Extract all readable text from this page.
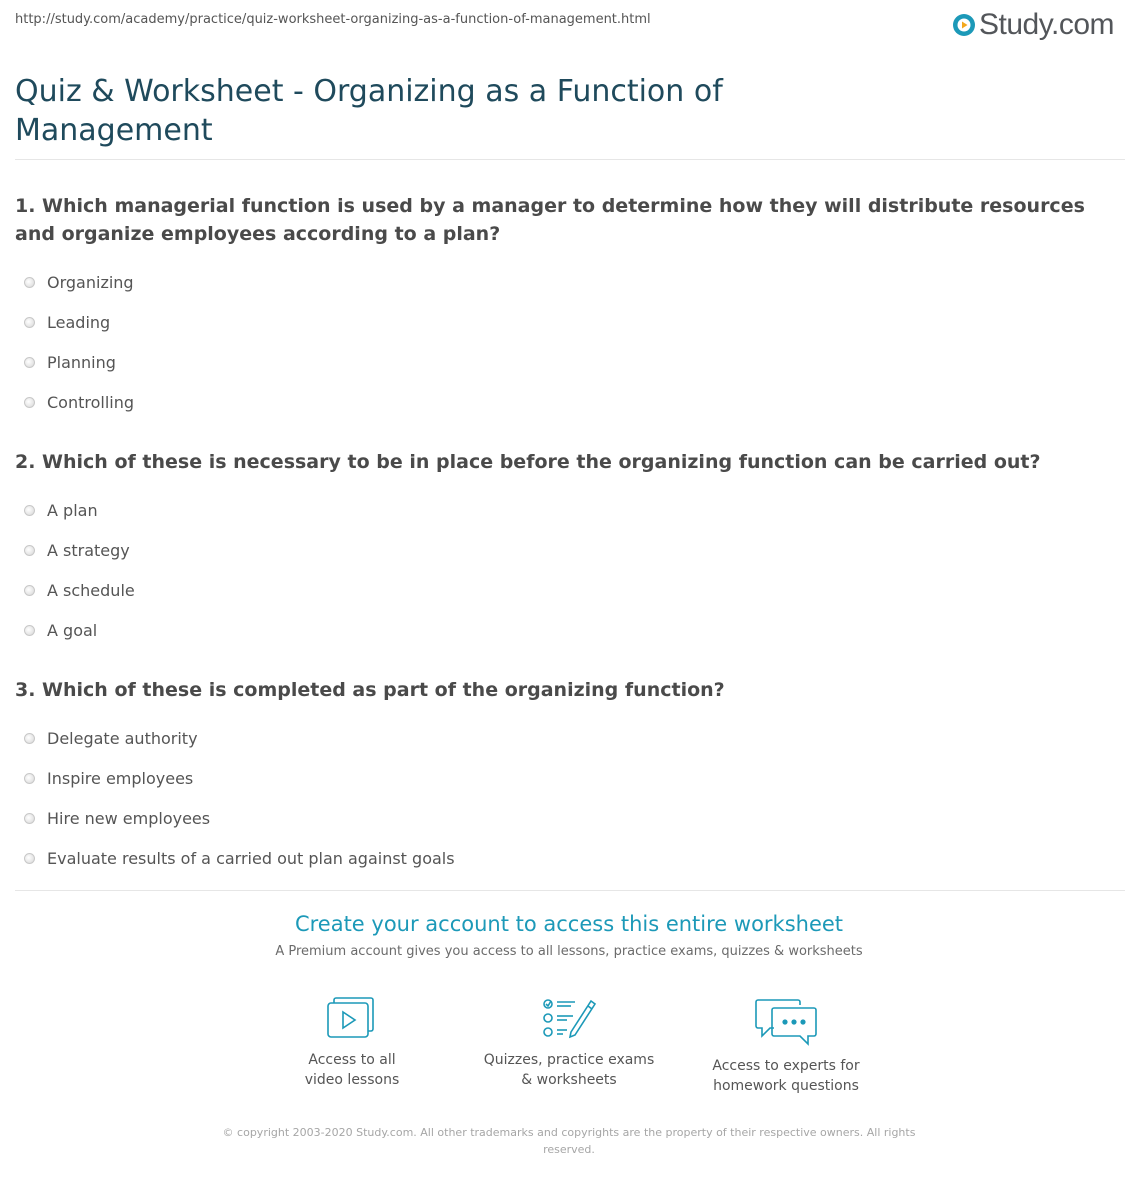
http://study.com/academy/practice/quiz-worksheet-organizing-as-a-function-of-management.html	Study.com
Quiz & Worksheet - Organizing as a Function of Management
1. Which managerial function is used by a manager to determine how they will distribute resources and organize employees according to a plan?
Organizing
Leading
Planning
Controlling
2. Which of these is necessary to be in place before the organizing function can be carried out?
A plan
A strategy
A schedule
A goal
3. Which of these is completed as part of the organizing function?
Delegate authority
Inspire employees
Hire new employees
Evaluate results of a carried out plan against goals
Create your account to access this entire worksheet
A Premium account gives you access to all lessons, practice exams, quizzes & worksheets
Access to all
video lessons
Quizzes, practice exams
& worksheets
Access to experts for
homework questions
© copyright 2003-2020 Study.com. All other trademarks and copyrights are the property of their respective owners. All rights reserved.
